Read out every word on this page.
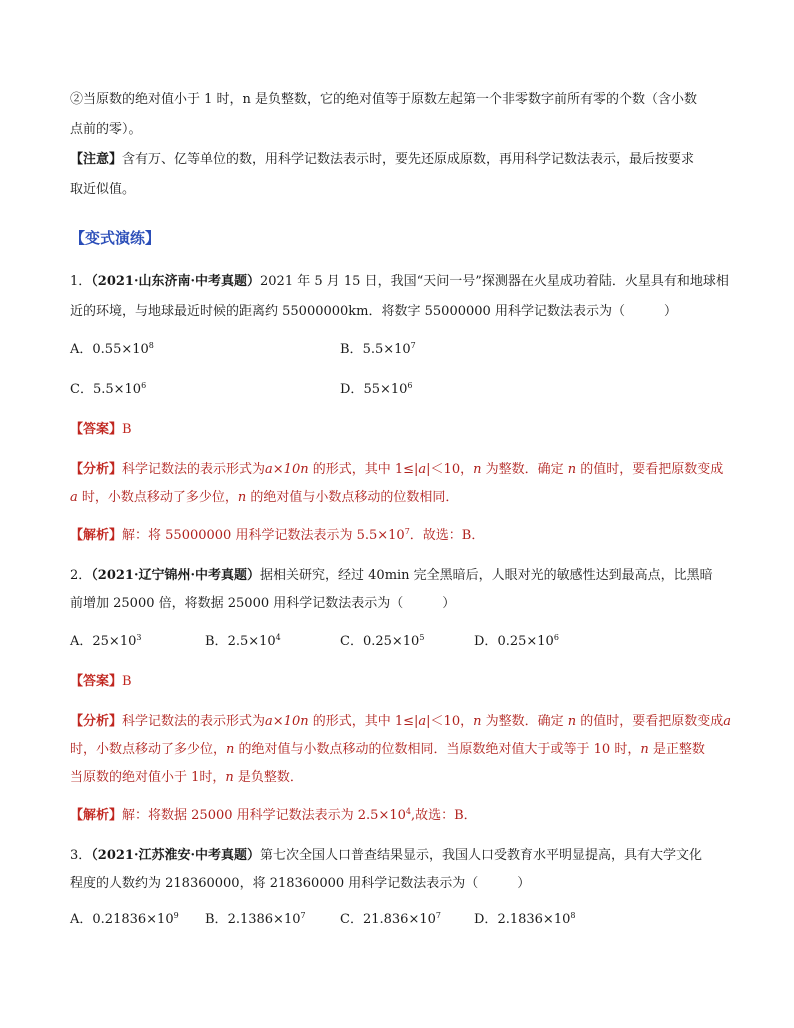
②当原数的绝对值小于 1 时，n 是负整数，它的绝对值等于原数左起第一个非零数字前所有零的个数（含小数
点前的零）。
【注意】含有万、亿等单位的数，用科学记数法表示时，要先还原成原数，再用科学记数法表示，最后按要求
取近似值。
【变式演练】
1．（2021·山东济南·中考真题）2021 年 5 月 15 日，我国“天问一号”探测器在火星成功着陆．火星具有和地球相
近的环境，与地球最近时候的距离约 55000000km．将数字 55000000 用科学记数法表示为（　　　）
A．$0.55\times 10^8$	B．$5.5\times 10^7$
C．$5.5\times 10^6$	D．$55\times 10^6$
【答案】B
【分析】科学记数法的表示形式为a×10n 的形式，其中 1≤|a|＜10，n 为整数．确定 n 的值时，要看把原数变成
a 时，小数点移动了多少位，n 的绝对值与小数点移动的位数相同．
【解析】解：将 55000000 用科学记数法表示为 $5.5\times 10^7$．故选：B．
2．（2021·辽宁锦州·中考真题）据相关研究，经过 40min 完全黑暗后，人眼对光的敏感性达到最高点，比黑暗
前增加 25000 倍，将数据 25000 用科学记数法表示为（　　　）
A．$25\times 10^3$	B．$2.5\times 10^4$	C．$0.25\times 10^5$	D．$0.25\times 10^6$
【答案】B
【分析】科学记数法的表示形式为a×10n 的形式，其中 1≤|a|＜10，n 为整数．确定 n 的值时，要看把原数变成a
时，小数点移动了多少位，n 的绝对值与小数点移动的位数相同．当原数绝对值大于或等于 10 时，n 是正整数
当原数的绝对值小于 1时，n 是负整数．
【解析】解：将数据 25000 用科学记数法表示为 $2.5\times 10^4$,故选：B．
3．（2021·江苏淮安·中考真题）第七次全国人口普查结果显示，我国人口受教育水平明显提高，具有大学文化
程度的人数约为 218360000，将 218360000 用科学记数法表示为（　　　）
A．$0.21836\times 10^9$ B．$2.1386\times 10^7$	C．$21.836\times 10^7$	D．$2.1836\times 10^8$
